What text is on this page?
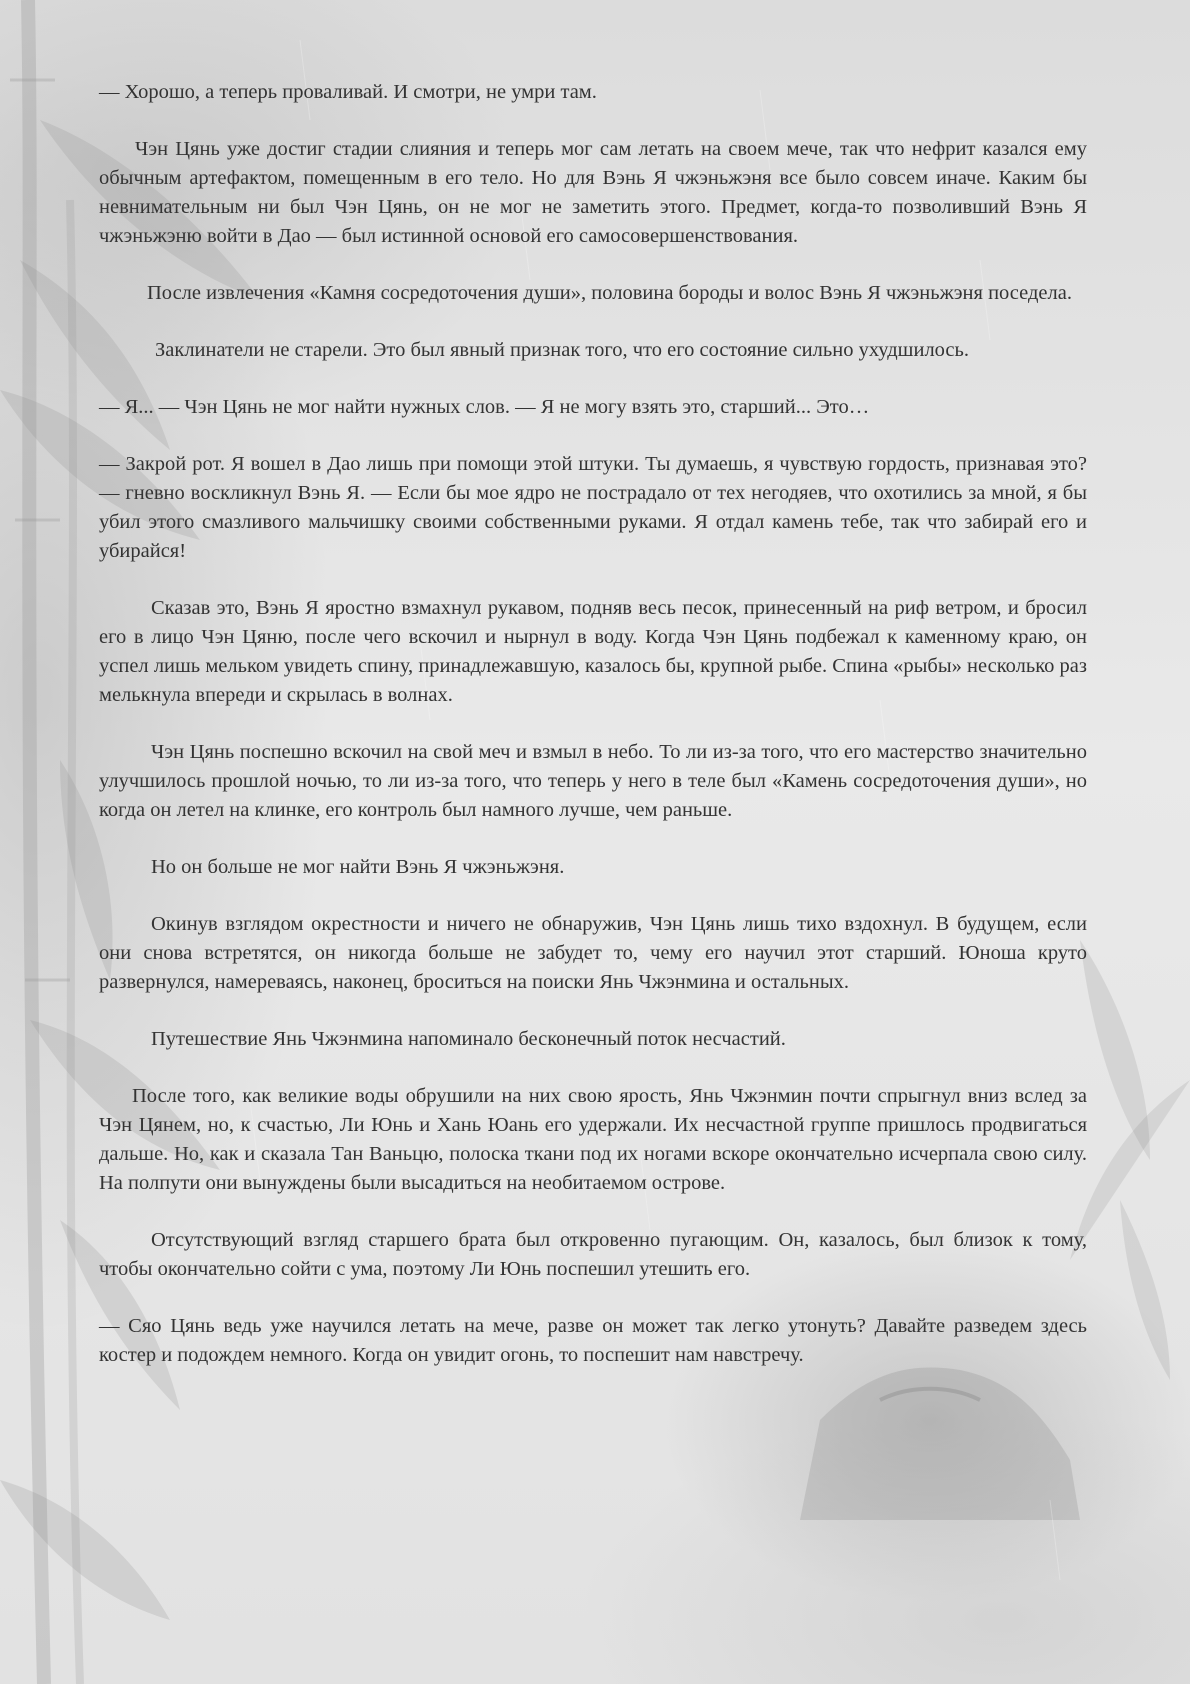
— Хорошо, а теперь проваливай. И смотри, не умри там.

Чэн Цянь уже достиг стадии слияния и теперь мог сам летать на своем мече, так что нефрит казался ему обычным артефактом, помещенным в его тело. Но для Вэнь Я чжэньжэня все было совсем иначе. Каким бы невнимательным ни был Чэн Цянь, он не мог не заметить этого. Предмет, когда-то позволивший Вэнь Я чжэньжэню войти в Дао — был истинной основой его самосовершенствования.

После извлечения «Камня сосредоточения души», половина бороды и волос Вэнь Я чжэньжэня поседела.

Заклинатели не старели. Это был явный признак того, что его состояние сильно ухудшилось.

— Я... — Чэн Цянь не мог найти нужных слов. — Я не могу взять это, старший... Это…

— Закрой рот. Я вошел в Дао лишь при помощи этой штуки. Ты думаешь, я чувствую гордость, признавая это? — гневно воскликнул Вэнь Я. — Если бы мое ядро не пострадало от тех негодяев, что охотились за мной, я бы убил этого смазливого мальчишку своими собственными руками. Я отдал камень тебе, так что забирай его и убирайся!

Сказав это, Вэнь Я яростно взмахнул рукавом, подняв весь песок, принесенный на риф ветром, и бросил его в лицо Чэн Цяню, после чего вскочил и нырнул в воду. Когда Чэн Цянь подбежал к каменному краю, он успел лишь мельком увидеть спину, принадлежавшую, казалось бы, крупной рыбе. Спина «рыбы» несколько раз мелькнула впереди и скрылась в волнах.

Чэн Цянь поспешно вскочил на свой меч и взмыл в небо. То ли из-за того, что его мастерство значительно улучшилось прошлой ночью, то ли из-за того, что теперь у него в теле был «Камень сосредоточения души», но когда он летел на клинке, его контроль был намного лучше, чем раньше.

Но он больше не мог найти Вэнь Я чжэньжэня.

Окинув взглядом окрестности и ничего не обнаружив, Чэн Цянь лишь тихо вздохнул. В будущем, если они снова встретятся, он никогда больше не забудет то, чему его научил этот старший. Юноша круто развернулся, намереваясь, наконец, броситься на поиски Янь Чжэнмина и остальных.

Путешествие Янь Чжэнмина напоминало бесконечный поток несчастий.

После того, как великие воды обрушили на них свою ярость, Янь Чжэнмин почти спрыгнул вниз вслед за Чэн Цянем, но, к счастью, Ли Юнь и Хань Юань его удержали. Их несчастной группе пришлось продвигаться дальше. Но, как и сказала Тан Ваньцю, полоска ткани под их ногами вскоре окончательно исчерпала свою силу. На полпути они вынуждены были высадиться на необитаемом острове.

Отсутствующий взгляд старшего брата был откровенно пугающим. Он, казалось, был близок к тому, чтобы окончательно сойти с ума, поэтому Ли Юнь поспешил утешить его.

— Сяо Цянь ведь уже научился летать на мече, разве он может так легко утонуть? Давайте разведем здесь костер и подождем немного. Когда он увидит огонь, то поспешит нам навстречу.
